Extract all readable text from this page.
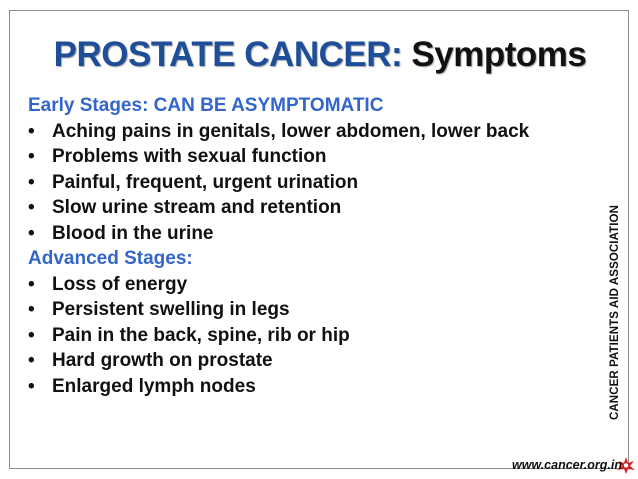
PROSTATE CANCER: Symptoms
Early Stages: CAN BE ASYMPTOMATIC
• Aching pains in genitals, lower abdomen, lower back
• Problems with sexual function
• Painful, frequent, urgent urination
• Slow urine stream and retention
• Blood in the urine
Advanced Stages:
• Loss of energy
• Persistent swelling in legs
• Pain in the back, spine, rib or hip
• Hard growth on prostate
• Enlarged lymph nodes	CANCER PATIENTS AID ASSOCIATION
www.cancer.org.in
